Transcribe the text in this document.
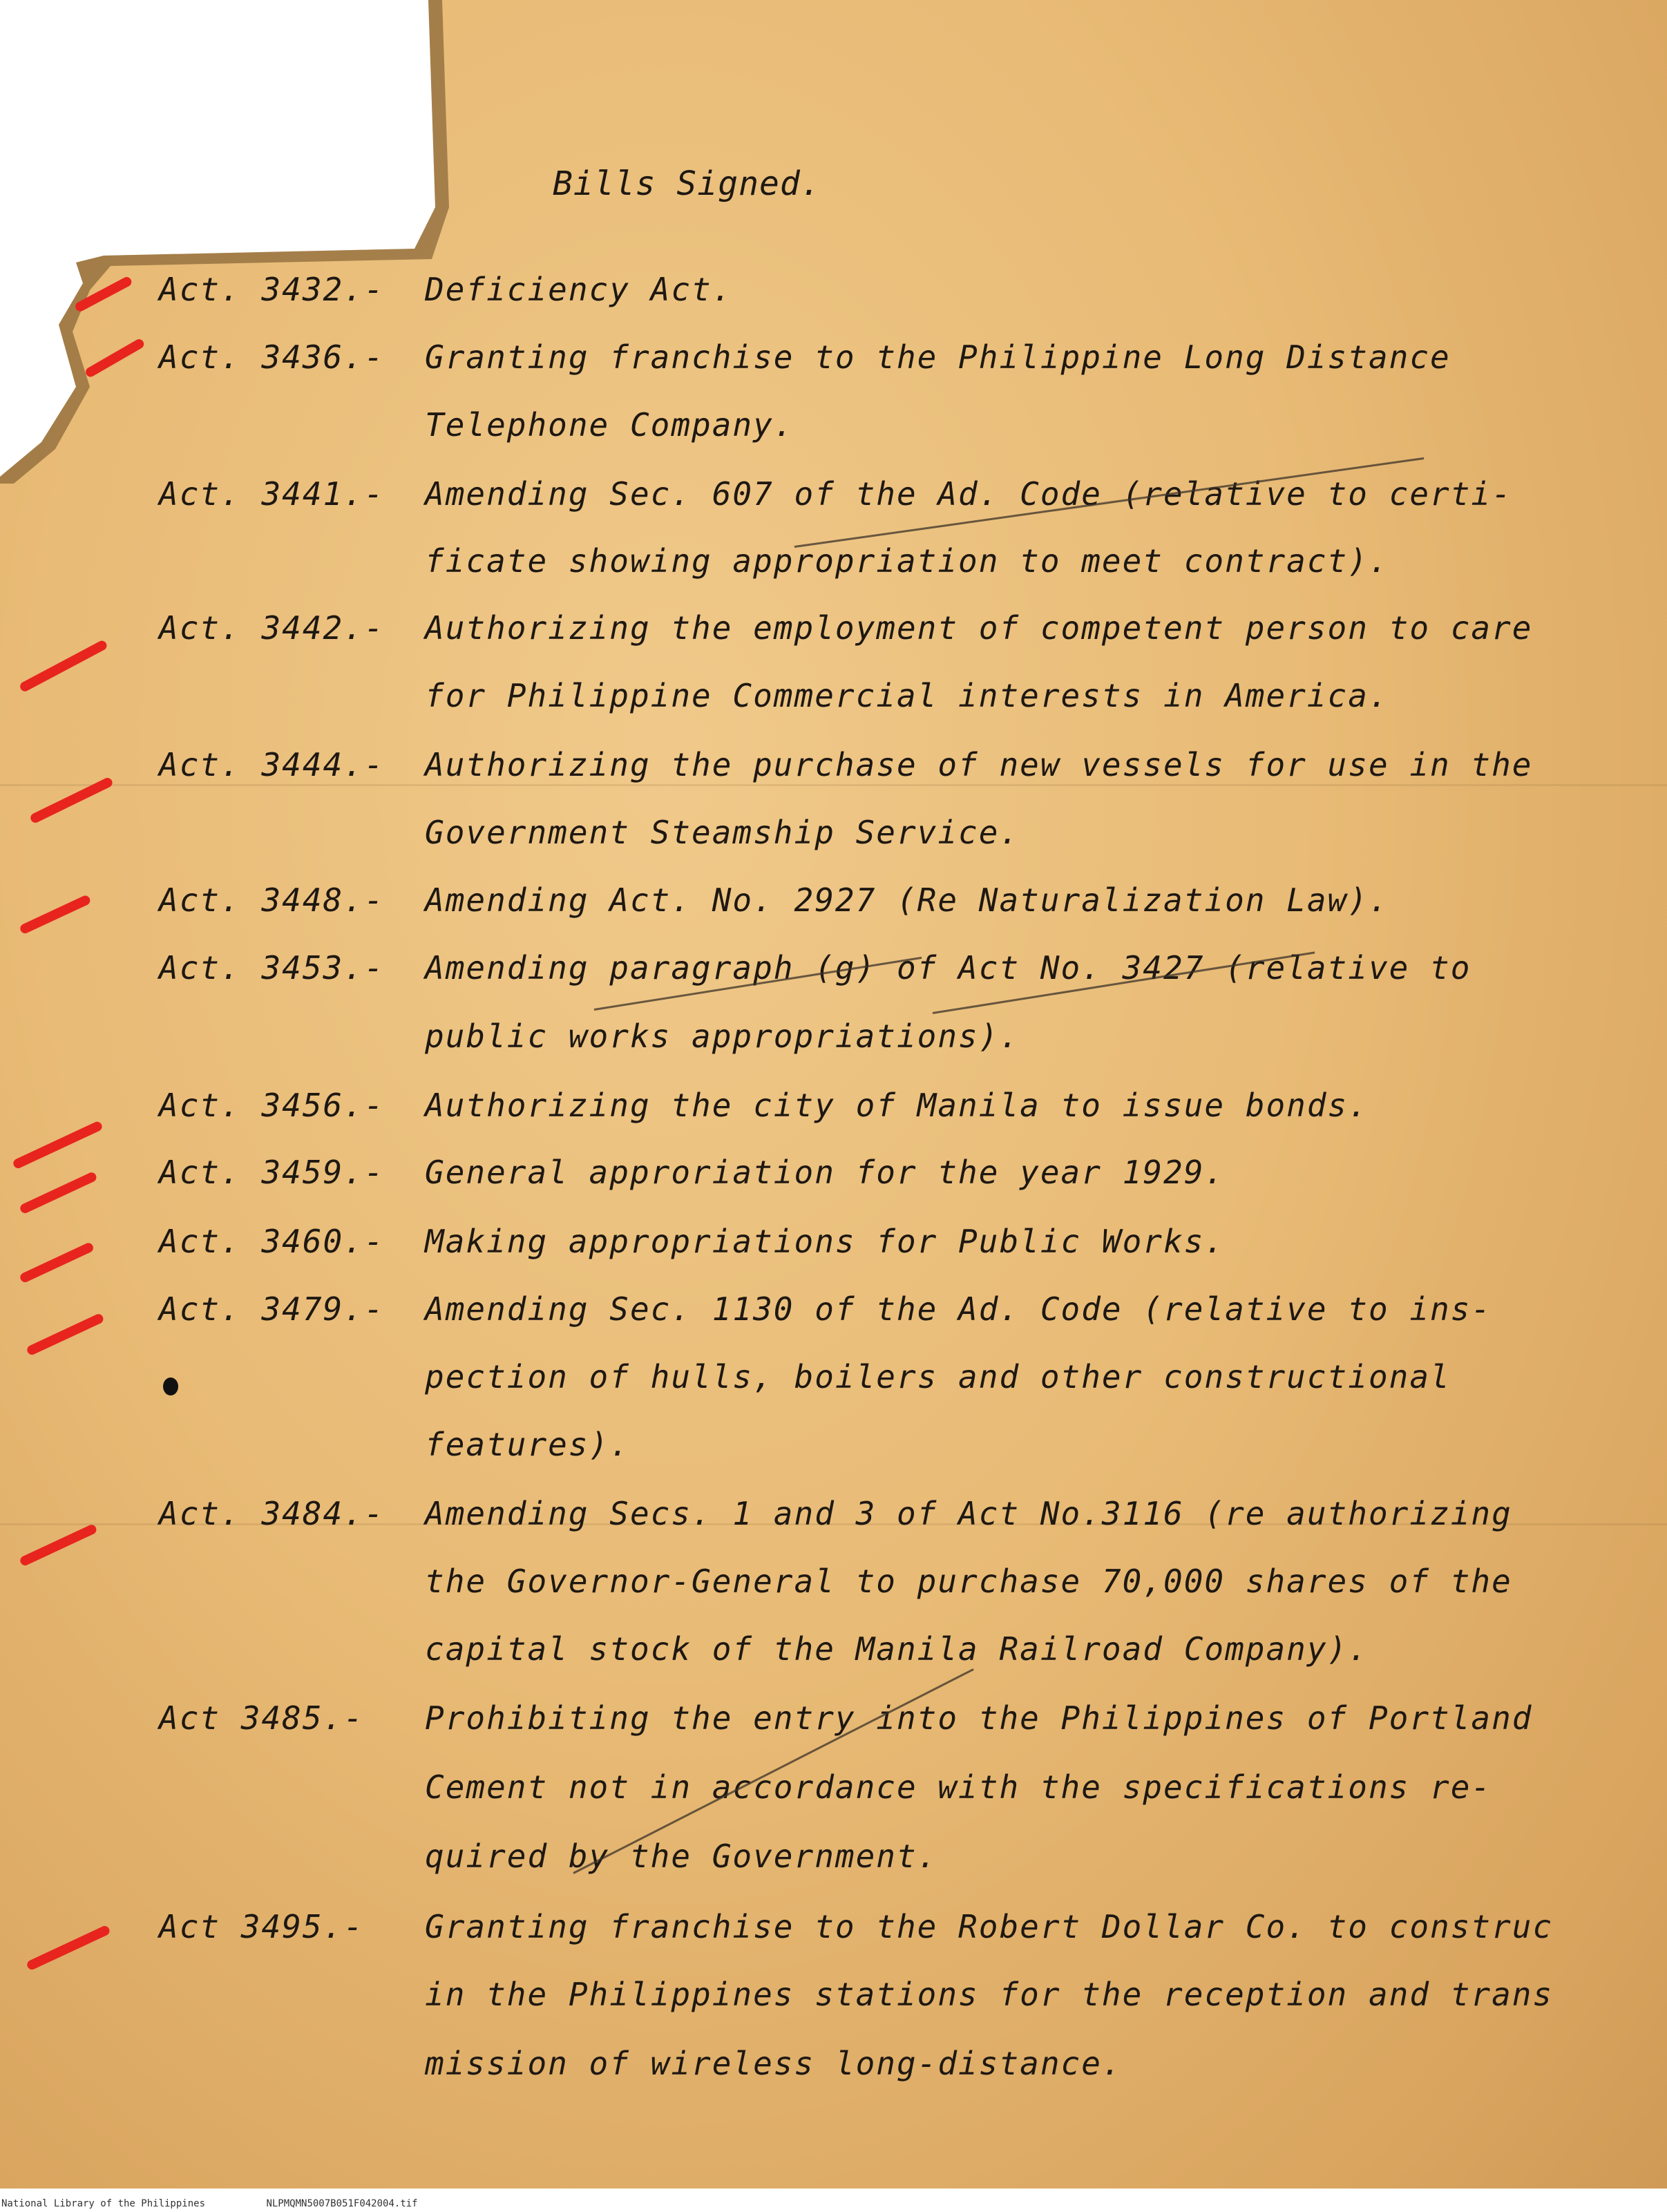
Bills Signed.
Act. 3432.- Deficiency Act.
Act. 3436.- Granting franchise to the Philippine Long Distance
Telephone Company.
Act. 3441.- Amending Sec. 607 of the Ad. Code (relative to certi-
ficate showing appropriation to meet contract).
Act. 3442.- Authorizing the employment of competent person to care
for Philippine Commercial interests in America.
Act. 3444.- Authorizing the purchase of new vessels for use in the
Government Steamship Service.
Act. 3448.- Amending Act. No. 2927 (Re Naturalization Law).
Act. 3453.- Amending paragraph (g) of Act No. 3427 (relative to
public works appropriations).
Act. 3456.- Authorizing the city of Manila to issue bonds.
Act. 3459.- General approriation for the year 1929.
Act. 3460.- Making appropriations for Public Works.
Act. 3479.- Amending Sec. 1130 of the Ad. Code (relative to ins-
pection of hulls, boilers and other constructional
features).
Act. 3484.- Amending Secs. 1 and 3 of Act No.3116 (re authorizing
the Governor-General to purchase 70,000 shares of the
capital stock of the Manila Railroad Company).
Act 3485.- Prohibiting the entry into the Philippines of Portland
Cement not in accordance with the specifications re-
quired by the Government.
Act 3495.- Granting franchise to the Robert Dollar Co. to construc
in the Philippines stations for the reception and trans
mission of wireless long-distance.
National Library of the Philippines	NLPMQMN5007B051F042004.tif
